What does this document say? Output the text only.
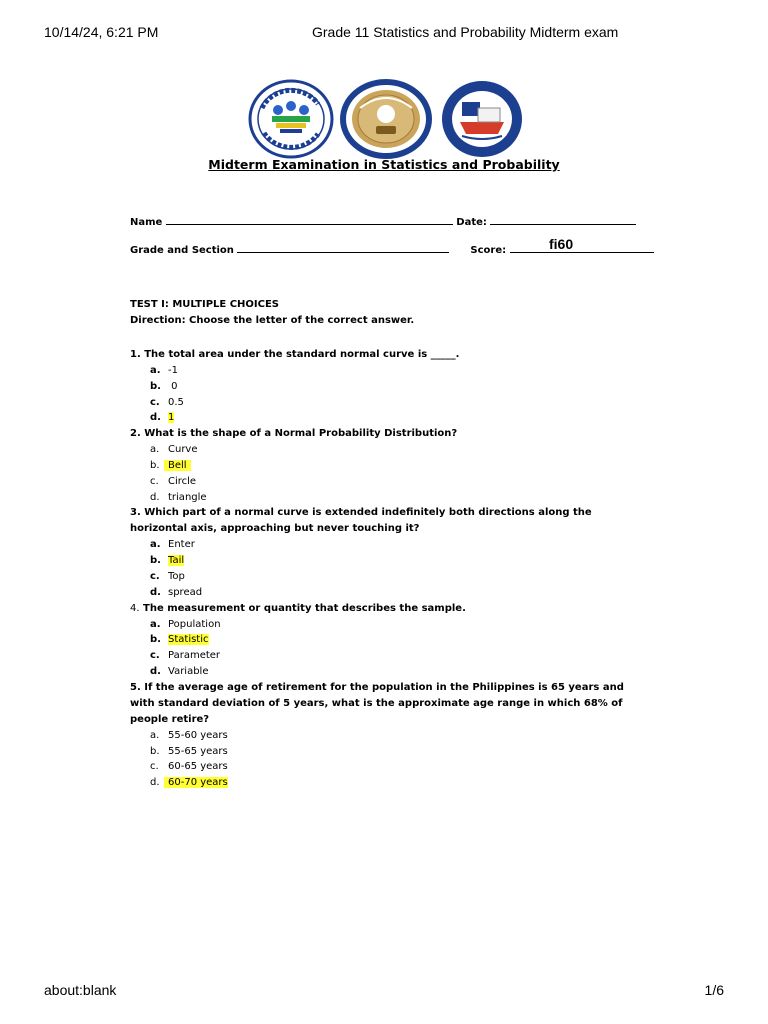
10/14/24, 6:21 PM	Grade 11 Statistics and Probability Midterm exam
Midterm Examination in Statistics and Probability
Name	Date:
Grade and Section	Score:	fi60
TEST I: MULTIPLE CHOICES
Direction: Choose the letter of the correct answer.
1. The total area under the standard normal curve is _____.
a. -1
b. 0
c. 0.5
d. 1
2. What is the shape of a Normal Probability Distribution?
a. Curve
b. Bell
c. Circle
d. triangle
3. Which part of a normal curve is extended indefinitely both directions along the horizontal axis, approaching but never touching it?
a. Enter
b. Tail
c. Top
d. spread
4. The measurement or quantity that describes the sample.
a. Population
b. Statistic
c. Parameter
d. Variable
5. If the average age of retirement for the population in the Philippines is 65 years and with standard deviation of 5 years, what is the approximate age range in which 68% of people retire?
a. 55-60 years
b. 55-65 years
c. 60-65 years
d. 60-70 years
about:blank	1/6
